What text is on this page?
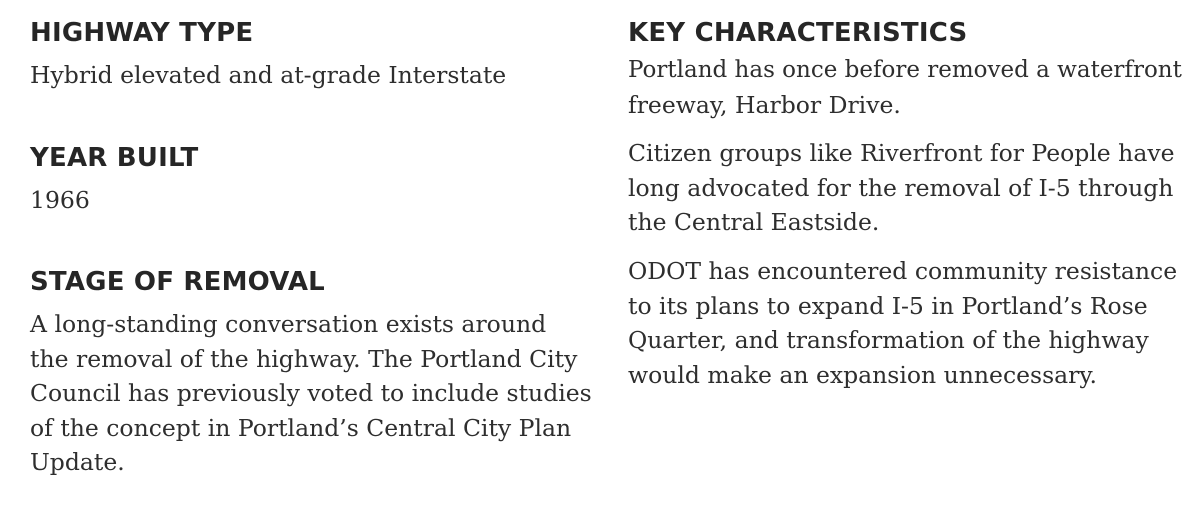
HIGHWAY TYPE

Hybrid elevated and at-grade Interstate

YEAR BUILT

1966

STAGE OF REMOVAL
A long-standing conversation exists around
the removal of the highway. The Portland City
Council has previously voted to include studies
of the concept in Portland’s Central City Plan
Update.
KEY CHARACTERISTICS
Portland has once before removed a waterfront
freeway, Harbor Drive.
Citizen groups like Riverfront for People have
long advocated for the removal of I-5 through
the Central Eastside.
ODOT has encountered community resistance
to its plans to expand I-5 in Portland’s Rose
Quarter, and transformation of the highway
would make an expansion unnecessary.
